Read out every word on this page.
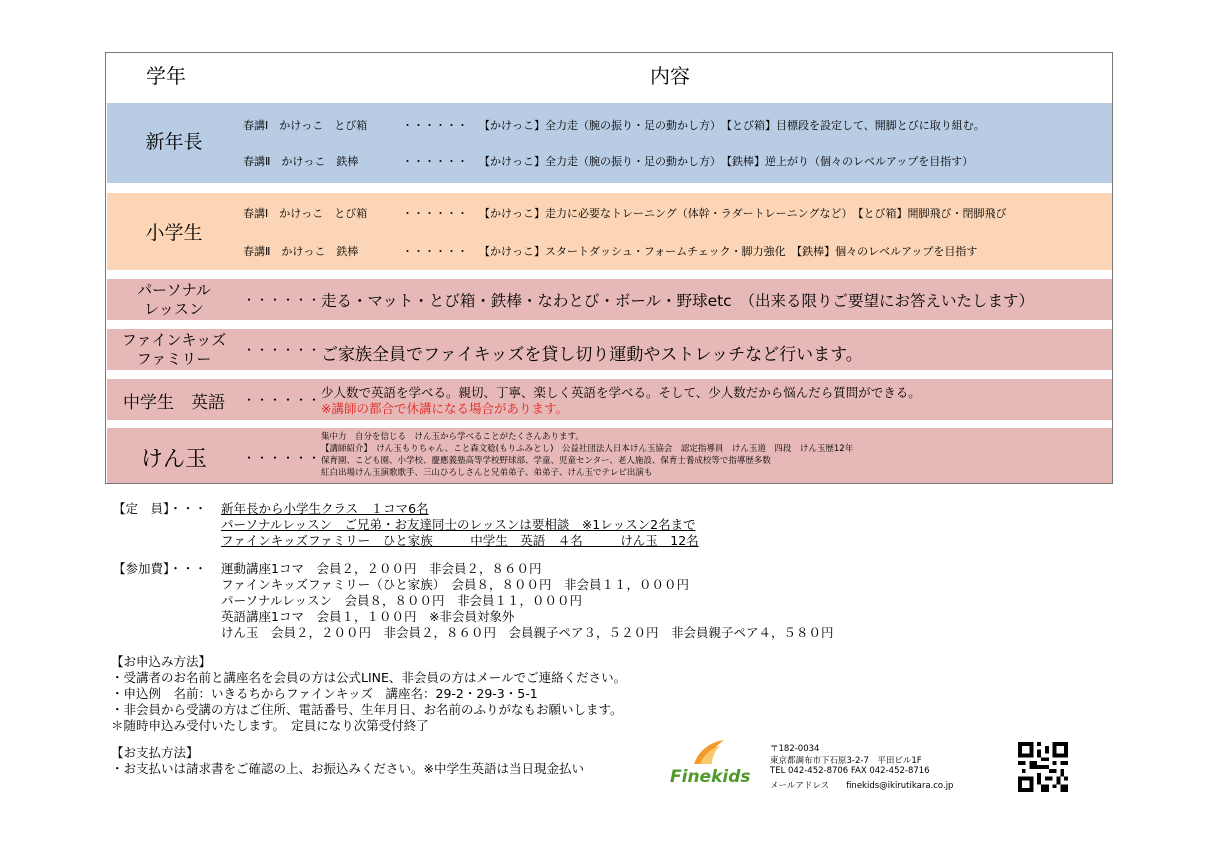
学年	内容
新年長
春講Ⅰ　かけっこ　とび箱	・・・・・・ 【かけっこ】全力走（腕の振り・足の動かし方）　【とび箱】目標段を設定して、開脚とびに取り組む。
春講Ⅱ　かけっこ　鉄棒	・・・・・・ 【かけっこ】全力走（腕の振り・足の動かし方）　【鉄棒】逆上がり（個々のレベルアップを目指す）
小学生
春講Ⅰ　かけっこ　とび箱	・・・・・・ 【かけっこ】走力に必要なトレーニング（体幹・ラダートレーニングなど）　【とび箱】開脚飛び・閉脚飛び
春講Ⅱ　かけっこ　鉄棒	・・・・・・ 【かけっこ】スタートダッシュ・フォームチェック・脚力強化　【鉄棒】個々のレベルアップを目指す
パーソナル
レッスン	・・・・・・ 走る・マット・とび箱・鉄棒・なわとび・ボール・野球etc　（出来る限りご要望にお答えいたします）
ファインキッズ
ファミリー	・・・・・・ ご家族全員でファイキッズを貸し切り運動やストレッチなど行います。
中学生　英語	・・・・・・ 少人数で英語を学べる。親切、丁寧、楽しく英語を学べる。そして、少人数だから悩んだら質問ができる。
※講師の都合で休講になる場合があります。
けん玉	・・・・・・
集中力　自分を信じる　けん玉から学べることがたくさんあります。
【講師紹介】　けん玉もりちゃん、こと森文稔(もりふみとし)　公益社団法人日本けん玉協会　認定指導員　けん玉道　四段　けん玉歴12年
保育園、こども園、小学校、慶應義塾高等学校野球部、学童、児童センター、老人施設、保育士養成校等で指導歴多数
紅白出場けん玉演歌歌手、三山ひろしさんと兄弟弟子、弟弟子、けん玉でテレビ出演も
【定　員】・・・ 新年長から小学生クラス　１コマ6名
パーソナルレッスン　ご兄弟・お友達同士のレッスンは要相談　※1レッスン2名まで
ファインキッズファミリー　ひと家族　　　中学生　英語　４名　　　けん玉　12名
【参加費】・・・ 運動講座1コマ　会員２，２００円　非会員２，８６０円
ファインキッズファミリー（ひと家族）　会員８，８００円　非会員１１，０００円
パーソナルレッスン　会員８，８００円　非会員１１，０００円
英語講座1コマ　会員１，１００円　※非会員対象外
けん玉　会員２，２００円　非会員２，８６０円　会員親子ペア３，５２０円　非会員親子ペア４，５８０円
【お申込み方法】
・受講者のお名前と講座名を会員の方は公式LINE、非会員の方はメールでご連絡ください。
・申込例　名前：いきるちからファインキッズ　講座名：29-2・29-3・5-1
・非会員から受講の方はご住所、電話番号、生年月日、お名前のふりがなもお願いします。
＊随時申込み受付いたします。　定員になり次第受付終了
【お支払方法】
・お支払いは請求書をご確認の上、お振込みください。※中学生英語は当日現金払い	Finekids
〒182-0034
東京都調布市下石原3-2-7　平田ビル1F
TEL 042-452-8706 FAX 042-452-8716
メールアドレス　　finekids@ikirutikara.co.jp
